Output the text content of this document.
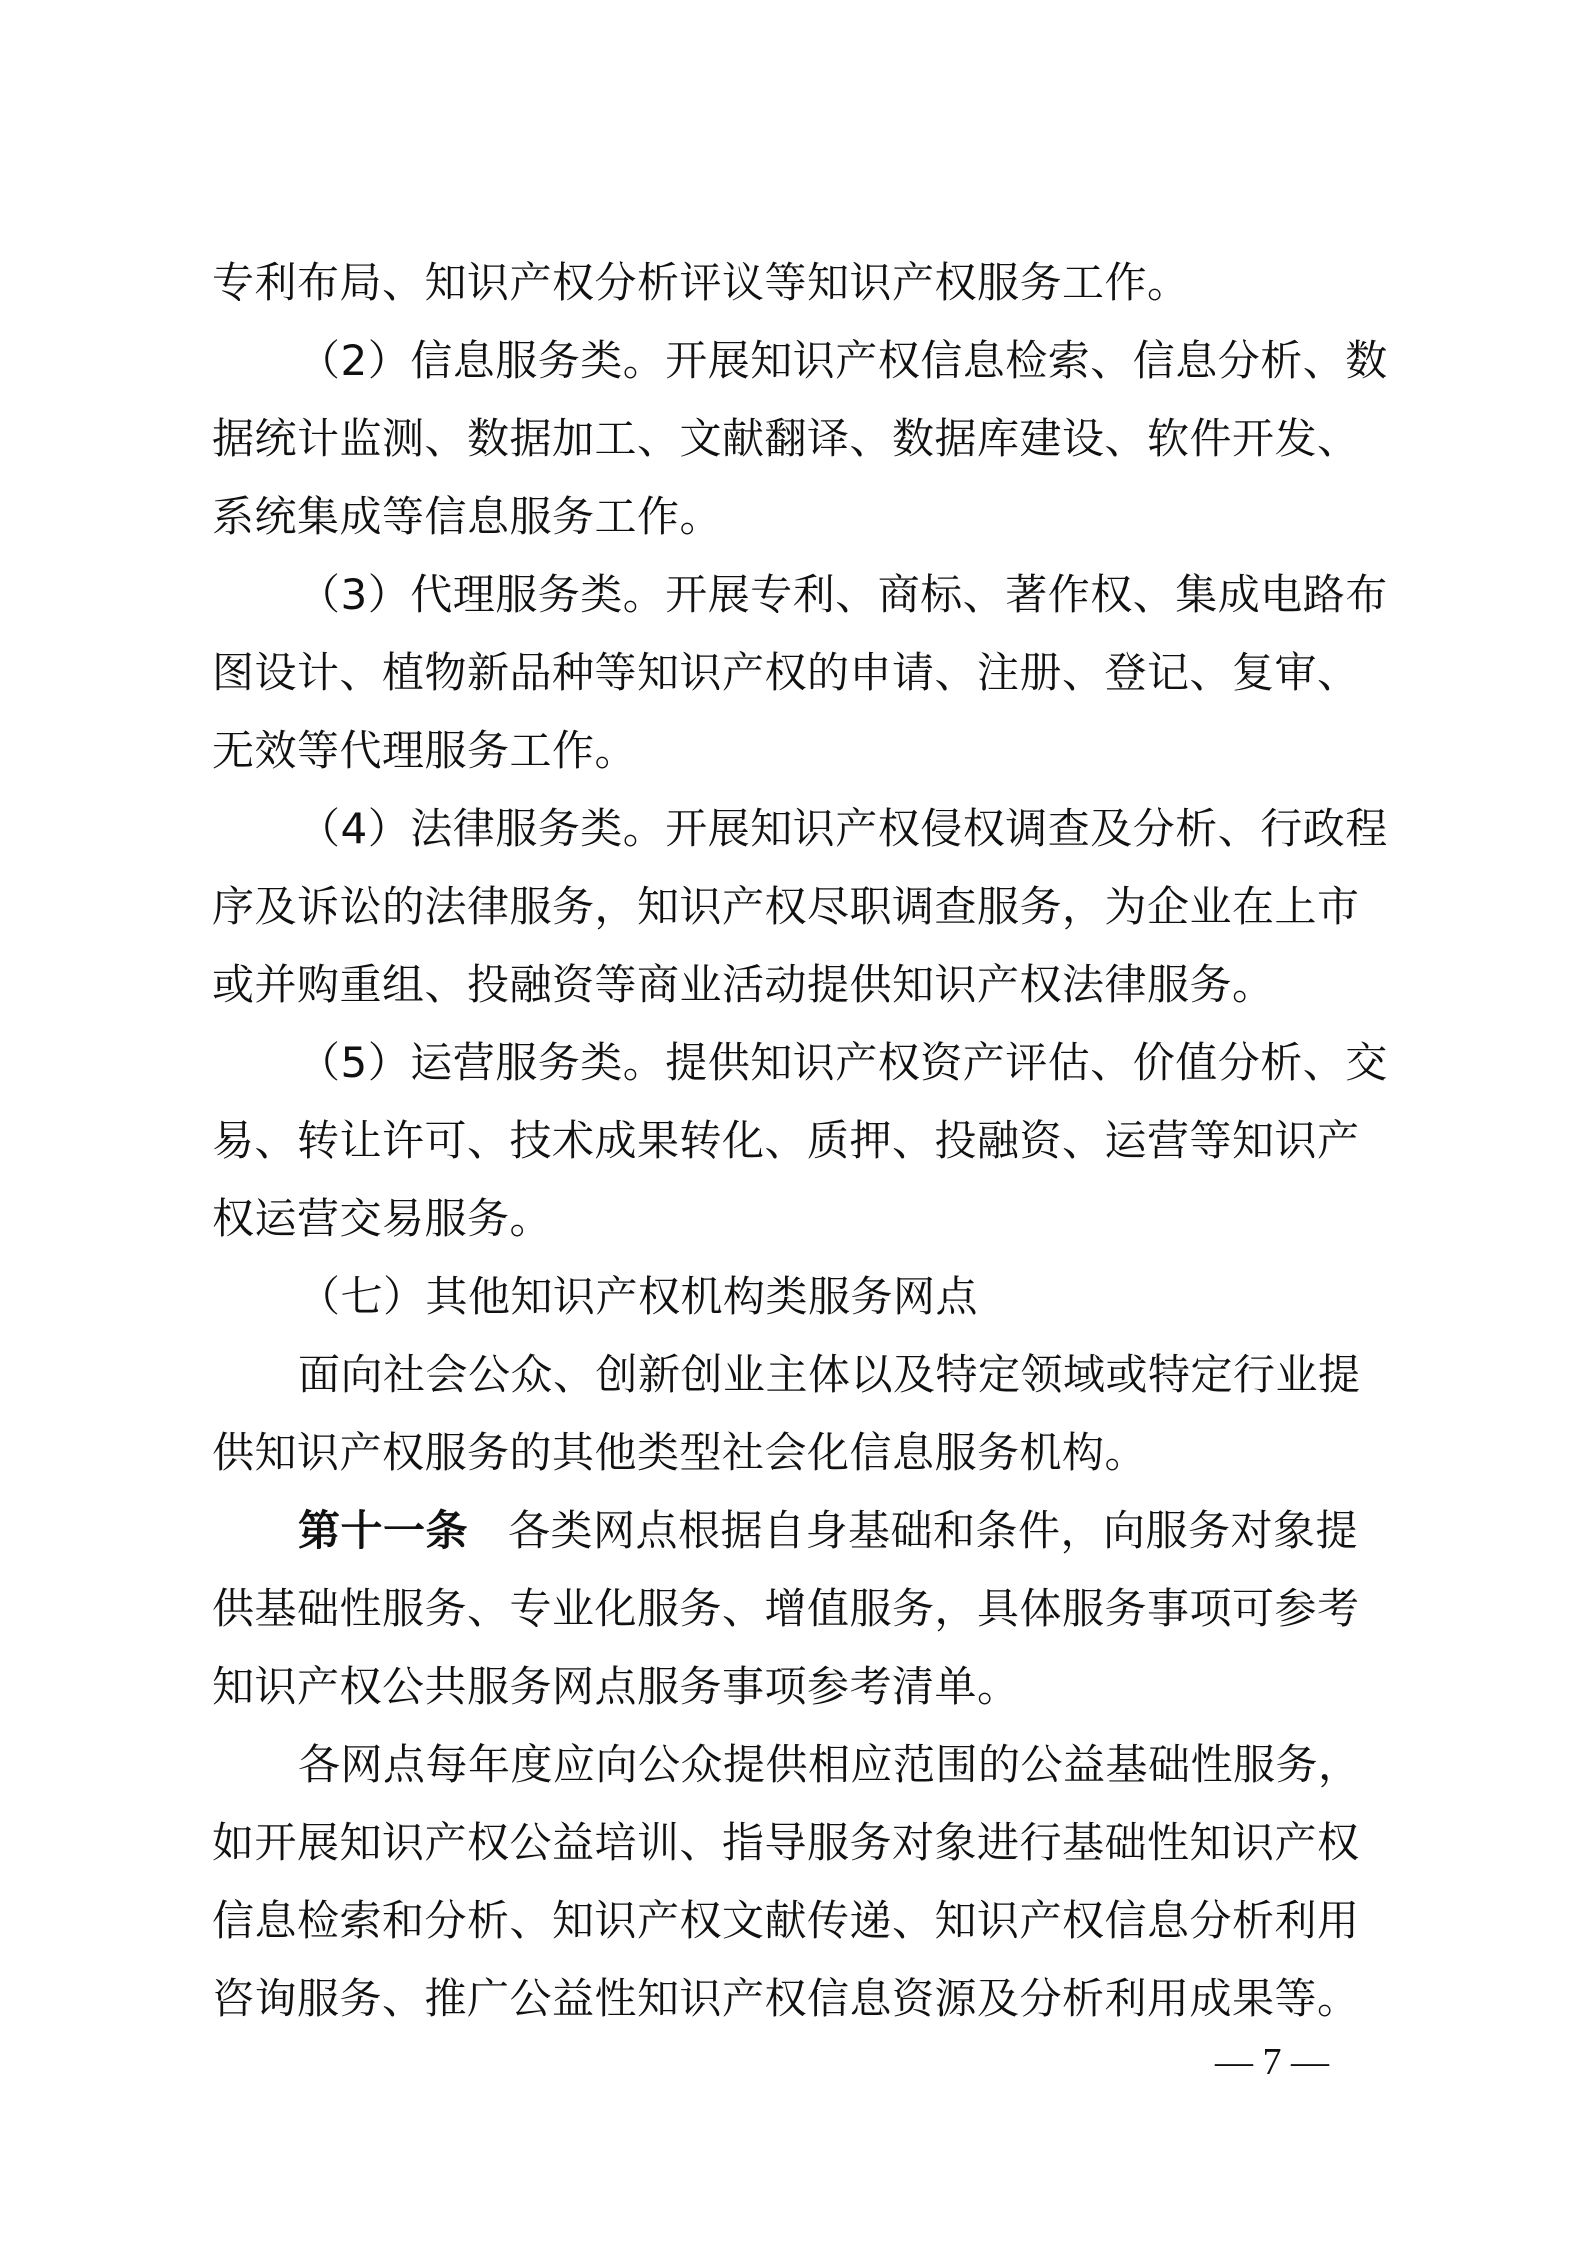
专利布局、知识产权分析评议等知识产权服务工作。
（2）信息服务类。开展知识产权信息检索、信息分析、数
据统计监测、数据加工、文献翻译、数据库建设、软件开发、
系统集成等信息服务工作。
（3）代理服务类。开展专利、商标、著作权、集成电路布
图设计、植物新品种等知识产权的申请、注册、登记、复审、
无效等代理服务工作。
（4）法律服务类。开展知识产权侵权调查及分析、行政程
序及诉讼的法律服务，知识产权尽职调查服务，为企业在上市
或并购重组、投融资等商业活动提供知识产权法律服务。
（5）运营服务类。提供知识产权资产评估、价值分析、交
易、转让许可、技术成果转化、质押、投融资、运营等知识产
权运营交易服务。
（七）其他知识产权机构类服务网点
面向社会公众、创新创业主体以及特定领域或特定行业提
供知识产权服务的其他类型社会化信息服务机构。
第十一条 各类网点根据自身基础和条件，向服务对象提
供基础性服务、专业化服务、增值服务，具体服务事项可参考
知识产权公共服务网点服务事项参考清单。
各网点每年度应向公众提供相应范围的公益基础性服务，
如开展知识产权公益培训、指导服务对象进行基础性知识产权
信息检索和分析、知识产权文献传递、知识产权信息分析利用
咨询服务、推广公益性知识产权信息资源及分析利用成果等。
— 7 —
